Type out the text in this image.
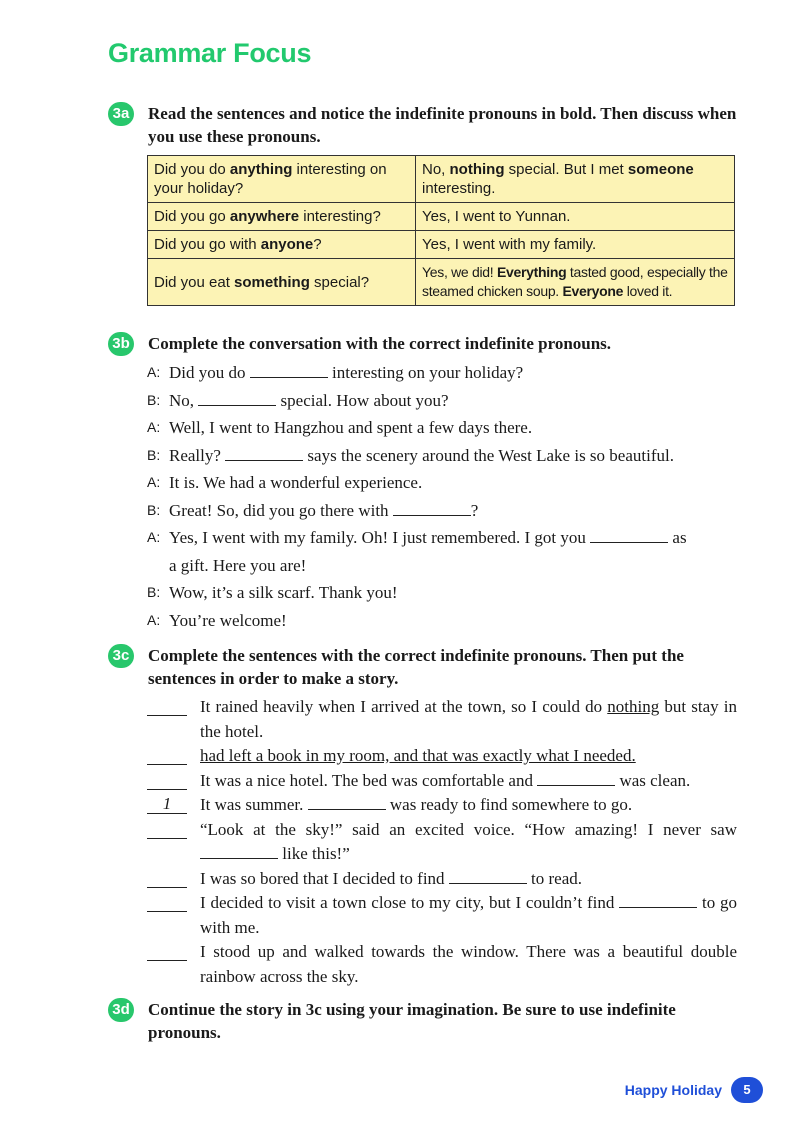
Grammar Focus
3a Read the sentences and notice the indefinite pronouns in bold. Then discuss when you use these pronouns.

Did you do anything interesting on your holiday?	No, nothing special. But I met someone interesting.
Did you go anywhere interesting?	Yes, I went to Yunnan.
Did you go with anyone?	Yes, I went with my family.
Did you eat something special?	Yes, we did! Everything tasted good, especially the steamed chicken soup. Everyone loved it.
3b Complete the conversation with the correct indefinite pronouns.

A: Did you do	interesting on your holiday?
B: No,	special. How about you?
A: Well, I went to Hangzhou and spent a few days there.
B: Really?	says the scenery around the West Lake is so beautiful.
A: It is. We had a wonderful experience.
B: Great! So, did you go there with	?
A: Yes, I went with my family. Oh! I just remembered. I got you	as
a gift. Here you are!
B: Wow, it’s a silk scarf. Thank you!
A: You’re welcome!
3c Complete the sentences with the correct indefinite pronouns. Then put the sentences in order to make a story.

It rained heavily when I arrived at the town, so I could do nothing but stay in the hotel.
had left a book in my room, and that was exactly what I needed.
It was a nice hotel. The bed was comfortable and	was clean.
1	It was summer.	was ready to find somewhere to go.
“Look at the sky!” said an excited voice. “How amazing! I never saw  like this!”
I was so bored that I decided to find	to read.
I decided to visit a town close to my city, but I couldn’t find	to go with me.
I stood up and walked towards the window. There was a beautiful double rainbow across the sky.
3d Continue the story in 3c using your imagination. Be sure to use indefinite pronouns.

Happy Holiday	5
